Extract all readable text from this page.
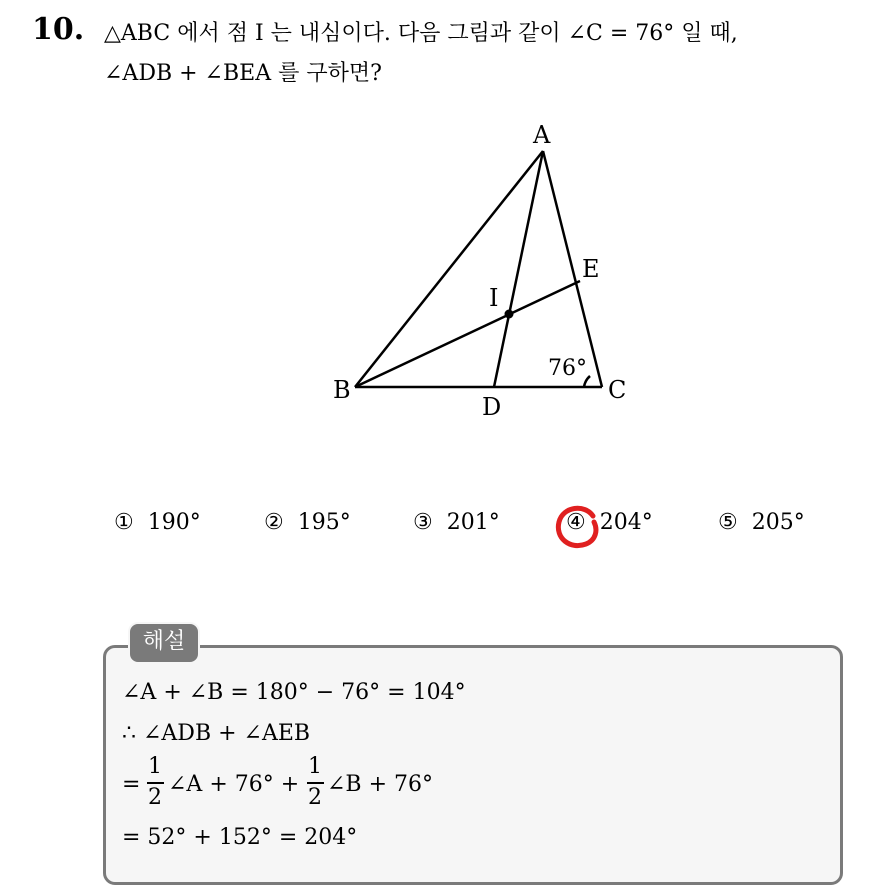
10. △ABC 에서 점 I 는 내심이다. 다음 그림과 같이 ∠C = 76° 일 때,
∠ADB + ∠BEA 를 구하면?
A
B	C
D
E
I
76°
① 190°	② 195°	③ 201°	④ 204°	⑤ 205°
해설
∠A + ∠B = 180° − 76° = 104°
∴ ∠ADB + ∠AEB
=
1
2
∠A + 76° +
1
2
∠B + 76°
= 52° + 152° = 204°
